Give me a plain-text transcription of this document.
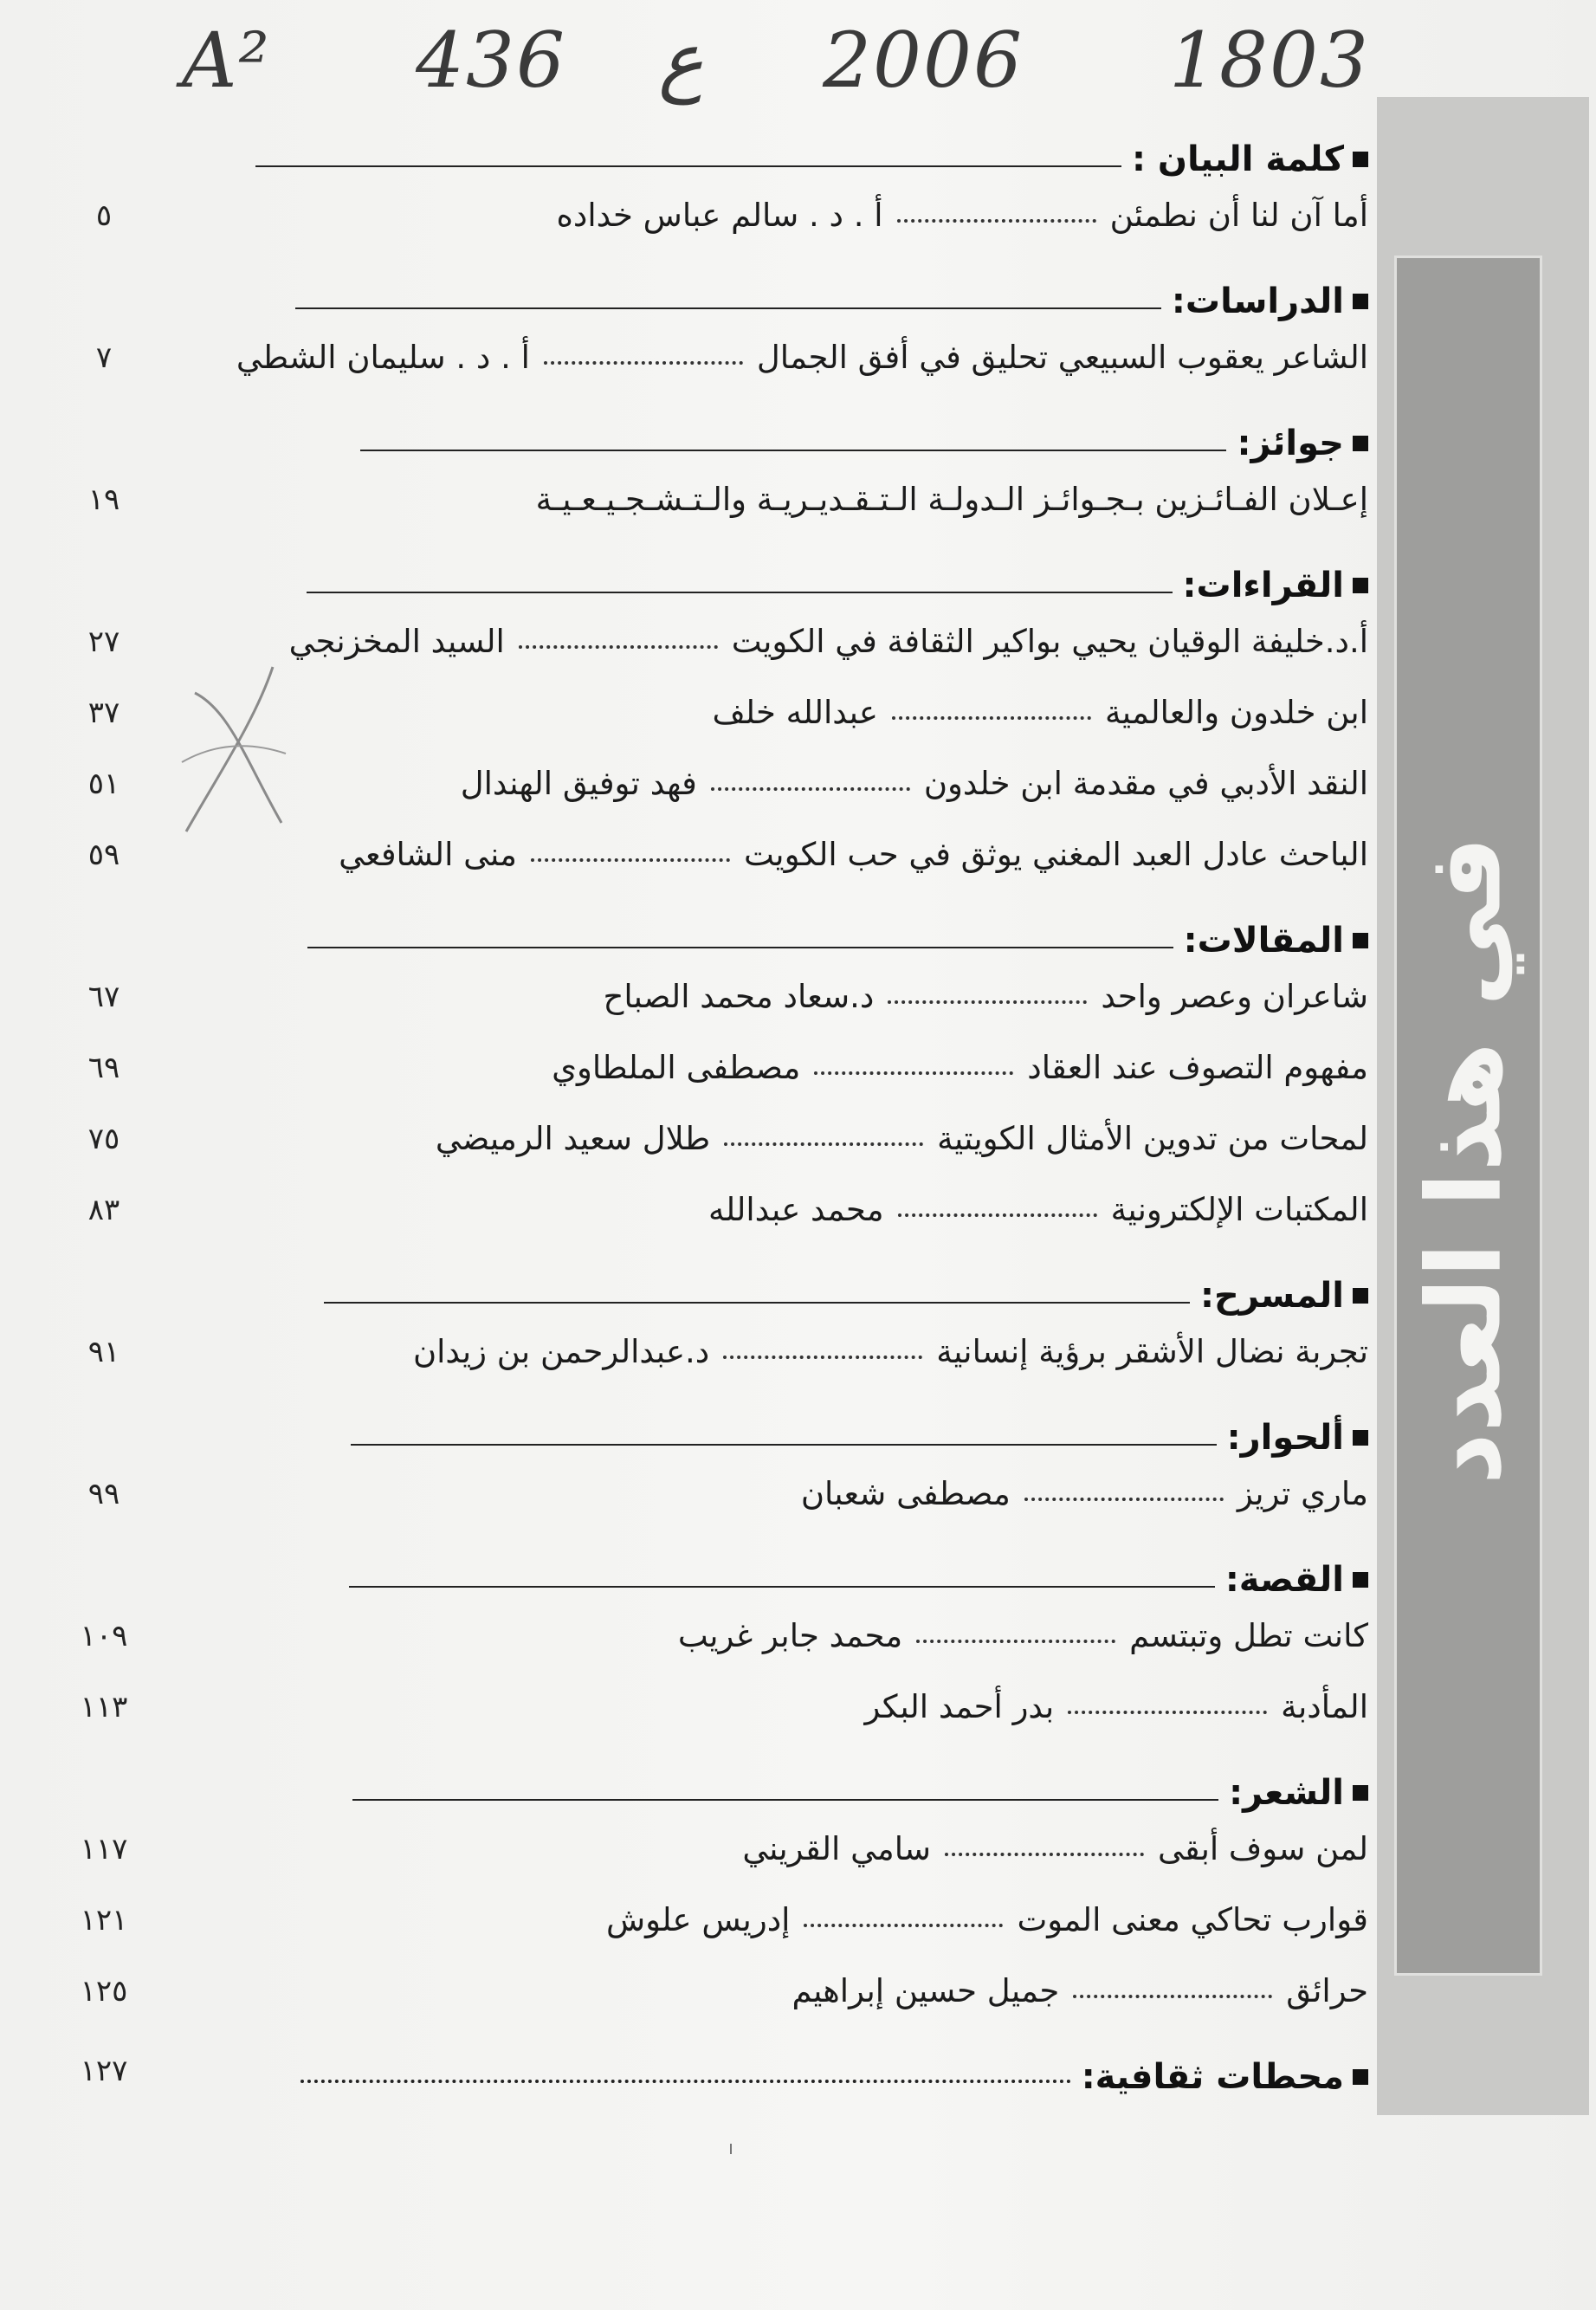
A² 436 ع 2006 1803
في هذا العدد
كلمة البيان :
أما آن لنا أن نطمئن
أ . د . سالم عباس خداده
٥
الدراسات:
الشاعر يعقوب السبيعي تحليق في أفق الجمال
أ . د . سليمان الشطي
٧
جوائز:
إعـلان الفـائـزين بـجـوائـز الـدولـة الـتـقـديـريـة والـتـشـجـيـعـيـة
١٩
القراءات:
أ.د.خليفة الوقيان يحيي بواكير الثقافة في الكويت
السيد المخزنجي
٢٧
ابن خلدون والعالمية
عبدالله خلف
٣٧
النقد الأدبي في مقدمة ابن خلدون
فهد توفيق الهندال
٥١
الباحث عادل العبد المغني يوثق في حب الكويت
منى الشافعي
٥٩
المقالات:
شاعران وعصر واحد
د.سعاد محمد الصباح
٦٧
مفهوم التصوف عند العقاد
مصطفى الملطاوي
٦٩
لمحات من تدوين الأمثال الكويتية
طلال سعيد الرميضي
٧٥
المكتبات الإلكترونية
محمد عبدالله
٨٣
المسرح:
تجربة نضال الأشقر برؤية إنسانية
د.عبدالرحمن بن زيدان
٩١
ألحوار:
ماري تريز
مصطفى شعبان
٩٩
القصة:
كانت تطل وتبتسم
محمد جابر غريب
١٠٩
المأدبة
بدر أحمد البكر
١١٣
الشعر:
لمن سوف أبقى
سامي القريني
١١٧
قوارب تحاكي معنى الموت
إدريس علوش
١٢١
حرائق
جميل حسين إبراهيم
١٢٥
محطات ثقافية:
١٢٧
